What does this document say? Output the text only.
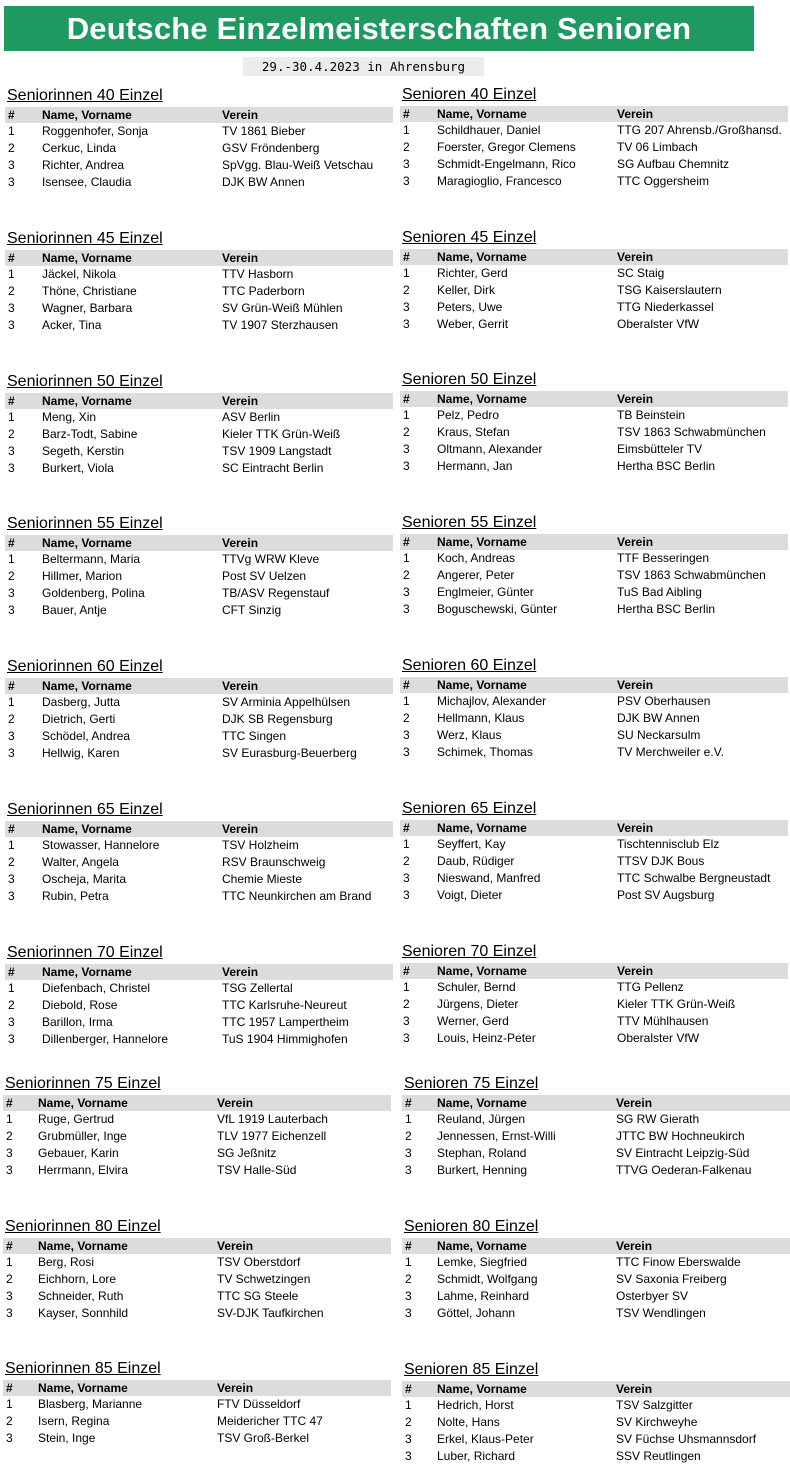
Deutsche Einzelmeisterschaften Senioren
29.-30.4.2023 in Ahrensburg
Seniorinnen 40 Einzel
# Name, Vorname	Verein
1 Roggenhofer, Sonja	TV 1861 Bieber
2 Cerkuc, Linda	GSV Fröndenberg
3 Richter, Andrea	SpVgg. Blau-Weiß Vetschau
3 Isensee, Claudia	DJK BW Annen
Senioren 40 Einzel
# Name, Vorname	Verein
1 Schildhauer, Daniel	TTG 207 Ahrensb./Großhansd.
2 Foerster, Gregor Clemens	TV 06 Limbach
3 Schmidt-Engelmann, Rico	SG Aufbau Chemnitz
3 Maragioglio, Francesco	TTC Oggersheim
Seniorinnen 45 Einzel
# Name, Vorname	Verein
1 Jäckel, Nikola	TTV Hasborn
2 Thöne, Christiane	TTC Paderborn
3 Wagner, Barbara	SV Grün-Weiß Mühlen
3 Acker, Tina	TV 1907 Sterzhausen
Senioren 45 Einzel
# Name, Vorname	Verein
1 Richter, Gerd	SC Staig
2 Keller, Dirk	TSG Kaiserslautern
3 Peters, Uwe	TTG Niederkassel
3 Weber, Gerrit	Oberalster VfW
Seniorinnen 50 Einzel
# Name, Vorname	Verein
1 Meng, Xin	ASV Berlin
2 Barz-Todt, Sabine	Kieler TTK Grün-Weiß
3 Segeth, Kerstin	TSV 1909 Langstadt
3 Burkert, Viola	SC Eintracht Berlin
Senioren 50 Einzel
# Name, Vorname	Verein
1 Pelz, Pedro	TB Beinstein
2 Kraus, Stefan	TSV 1863 Schwabmünchen
3 Oltmann, Alexander	Eimsbütteler TV
3 Hermann, Jan	Hertha BSC Berlin
Seniorinnen 55 Einzel
# Name, Vorname	Verein
1 Beltermann, Maria	TTVg WRW Kleve
2 Hillmer, Marion	Post SV Uelzen
3 Goldenberg, Polina	TB/ASV Regenstauf
3 Bauer, Antje	CFT Sinzig
Senioren 55 Einzel
# Name, Vorname	Verein
1 Koch, Andreas	TTF Besseringen
2 Angerer, Peter	TSV 1863 Schwabmünchen
3 Englmeier, Günter	TuS Bad Aibling
3 Boguschewski, Günter	Hertha BSC Berlin
Seniorinnen 60 Einzel
# Name, Vorname	Verein
1 Dasberg, Jutta	SV Arminia Appelhülsen
2 Dietrich, Gerti	DJK SB Regensburg
3 Schödel, Andrea	TTC Singen
3 Hellwig, Karen	SV Eurasburg-Beuerberg
Senioren 60 Einzel
# Name, Vorname	Verein
1 Michajlov, Alexander	PSV Oberhausen
2 Hellmann, Klaus	DJK BW Annen
3 Werz, Klaus	SU Neckarsulm
3 Schimek, Thomas	TV Merchweiler e.V.
Seniorinnen 65 Einzel
# Name, Vorname	Verein
1 Stowasser, Hannelore	TSV Holzheim
2 Walter, Angela	RSV Braunschweig
3 Oscheja, Marita	Chemie Mieste
3 Rubin, Petra	TTC Neunkirchen am Brand
Senioren 65 Einzel
# Name, Vorname	Verein
1 Seyffert, Kay	Tischtennisclub Elz
2 Daub, Rüdiger	TTSV DJK Bous
3 Nieswand, Manfred	TTC Schwalbe Bergneustadt
3 Voigt, Dieter	Post SV Augsburg
Seniorinnen 70 Einzel
# Name, Vorname	Verein
1 Diefenbach, Christel	TSG Zellertal
2 Diebold, Rose	TTC Karlsruhe-Neureut
3 Barillon, Irma	TTC 1957 Lampertheim
3 Dillenberger, Hannelore	TuS 1904 Himmighofen
Senioren 70 Einzel
# Name, Vorname	Verein
1 Schuler, Bernd	TTG Pellenz
2 Jürgens, Dieter	Kieler TTK Grün-Weiß
3 Werner, Gerd	TTV Mühlhausen
3 Louis, Heinz-Peter	Oberalster VfW
Seniorinnen 75 Einzel
# Name, Vorname	Verein
1 Ruge, Gertrud	VfL 1919 Lauterbach
2 Grubmüller, Inge	TLV 1977 Eichenzell
3 Gebauer, Karin	SG Jeßnitz
3 Herrmann, Elvira	TSV Halle-Süd
Senioren 75 Einzel
# Name, Vorname	Verein
1 Reuland, Jürgen	SG RW Gierath
2 Jennessen, Ernst-Willi	JTTC BW Hochneukirch
3 Stephan, Roland	SV Eintracht Leipzig-Süd
3 Burkert, Henning	TTVG Oederan-Falkenau
Seniorinnen 80 Einzel
# Name, Vorname	Verein
1 Berg, Rosi	TSV Oberstdorf
2 Eichhorn, Lore	TV Schwetzingen
3 Schneider, Ruth	TTC SG Steele
3 Kayser, Sonnhild	SV-DJK Taufkirchen
Senioren 80 Einzel
# Name, Vorname	Verein
1 Lemke, Siegfried	TTC Finow Eberswalde
2 Schmidt, Wolfgang	SV Saxonia Freiberg
3 Lahme, Reinhard	Osterbyer SV
3 Göttel, Johann	TSV Wendlingen
Seniorinnen 85 Einzel
# Name, Vorname	Verein
1 Blasberg, Marianne	FTV Düsseldorf
2 Isern, Regina	Meidericher TTC 47
3 Stein, Inge	TSV Groß-Berkel
Senioren 85 Einzel
# Name, Vorname	Verein
1 Hedrich, Horst	TSV Salzgitter
2 Nolte, Hans	SV Kirchweyhe
3 Erkel, Klaus-Peter	SV Füchse Uhsmannsdorf
3 Luber, Richard	SSV Reutlingen
